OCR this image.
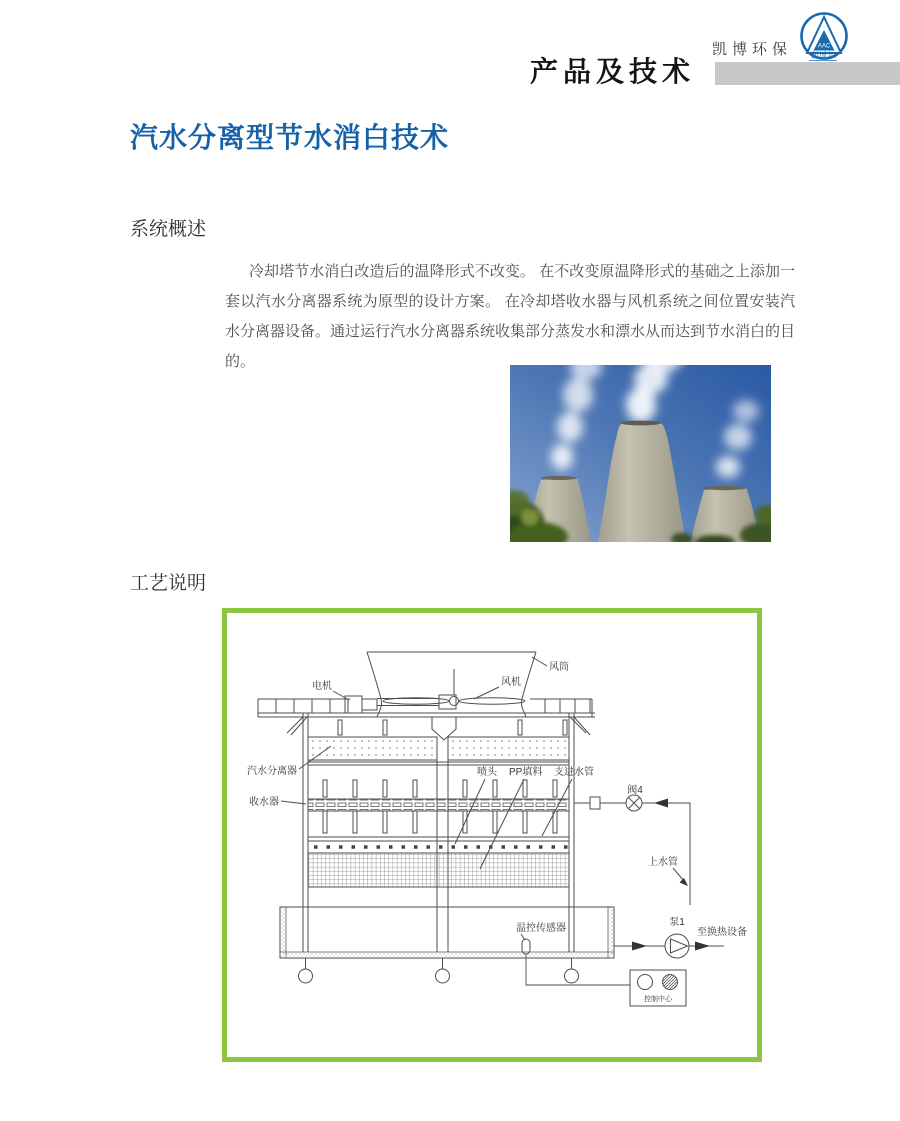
产品及技术
凯博环保	AAC
凯博尔
汽水分离型节水消白技术
系统概述
冷却塔节水消白改造后的温降形式不改变。 在不改变原温降形式的基础之上添加一套以汽水分离器系统为原型的设计方案。 在冷却塔收水器与风机系统之间位置安装汽水分离器设备。通过运行汽水分离器系统收集部分蒸发水和漂水从而达到节水消白的目的。
工艺说明
电机	风机
风筒
汽水分离器
收水器
喷头 PP填料 支进水管
阀4
上水管
泵1
至换热设备
温控传感器
控制中心
